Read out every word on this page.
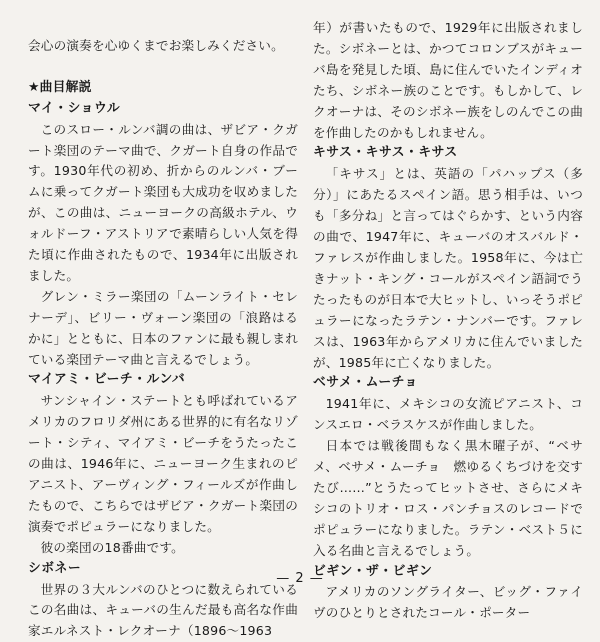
会心の演奏を心ゆくまでお楽しみください。

★曲目解説
マイ・ショウル

このスロー・ルンバ調の曲は、ザビア・クガート楽団のテーマ曲で、クガート自身の作品です。1930年代の初め、折からのルンバ・ブームに乗ってクガート楽団も大成功を収めましたが、この曲は、ニューヨークの高級ホテル、ウォルドーフ・アストリアで素晴らしい人気を得た頃に作曲されたもので、1934年に出版されました。

グレン・ミラー楽団の「ムーンライト・セレナーデ」、ビリー・ヴォーン楽団の「浪路はるかに」とともに、日本のファンに最も親しまれている楽団テーマ曲と言えるでしょう。

マイアミ・ビーチ・ルンバ

サンシャイン・ステートとも呼ばれているアメリカのフロリダ州にある世界的に有名なリゾート・シティ、マイアミ・ビーチをうたったこの曲は、1946年に、ニューヨーク生まれのピアニスト、アーヴィング・フィールズが作曲したもので、こちらではザビア・クガート楽団の演奏でポピュラーになりました。

彼の楽団の18番曲です。

シボネー

世界の３大ルンバのひとつに数えられているこの名曲は、キューバの生んだ最も高名な作曲家エルネスト・レクオーナ（1896〜1963

年）が書いたもので、1929年に出版されました。シボネーとは、かつてコロンブスがキューバ島を発見した頃、島に住んでいたインディオたち、シボネー族のことです。もしかして、レクオーナは、そのシボネー族をしのんでこの曲を作曲したのかもしれません。

キサス・キサス・キサス

「キサス」とは、英語の「パハップス（多分）」にあたるスペイン語。思う相手は、いつも「多分ね」と言ってはぐらかす、という内容の曲で、1947年に、キューバのオスバルド・ファレスが作曲しました。1958年に、今は亡きナット・キング・コールがスペイン語詞でうたったものが日本で大ヒットし、いっそうポピュラーになったラテン・ナンバーです。ファレスは、1963年からアメリカに住んでいましたが、1985年に亡くなりました。

ベサメ・ムーチョ

1941年に、メキシコの女流ピアニスト、コンスエロ・ベラスケスが作曲しました。

日本では戦後間もなく黒木曜子が、“ベサメ、ベサメ・ムーチョ　燃ゆるくちづけを交すたび……”とうたってヒットさせ、さらにメキシコのトリオ・ロス・パンチョスのレコードでポピュラーになりました。ラテン・ベスト５に入る名曲と言えるでしょう。

ビギン・ザ・ビギン

アメリカのソングライター、ビッグ・ファイヴのひとりとされたコール・ポーター

— 2 —
